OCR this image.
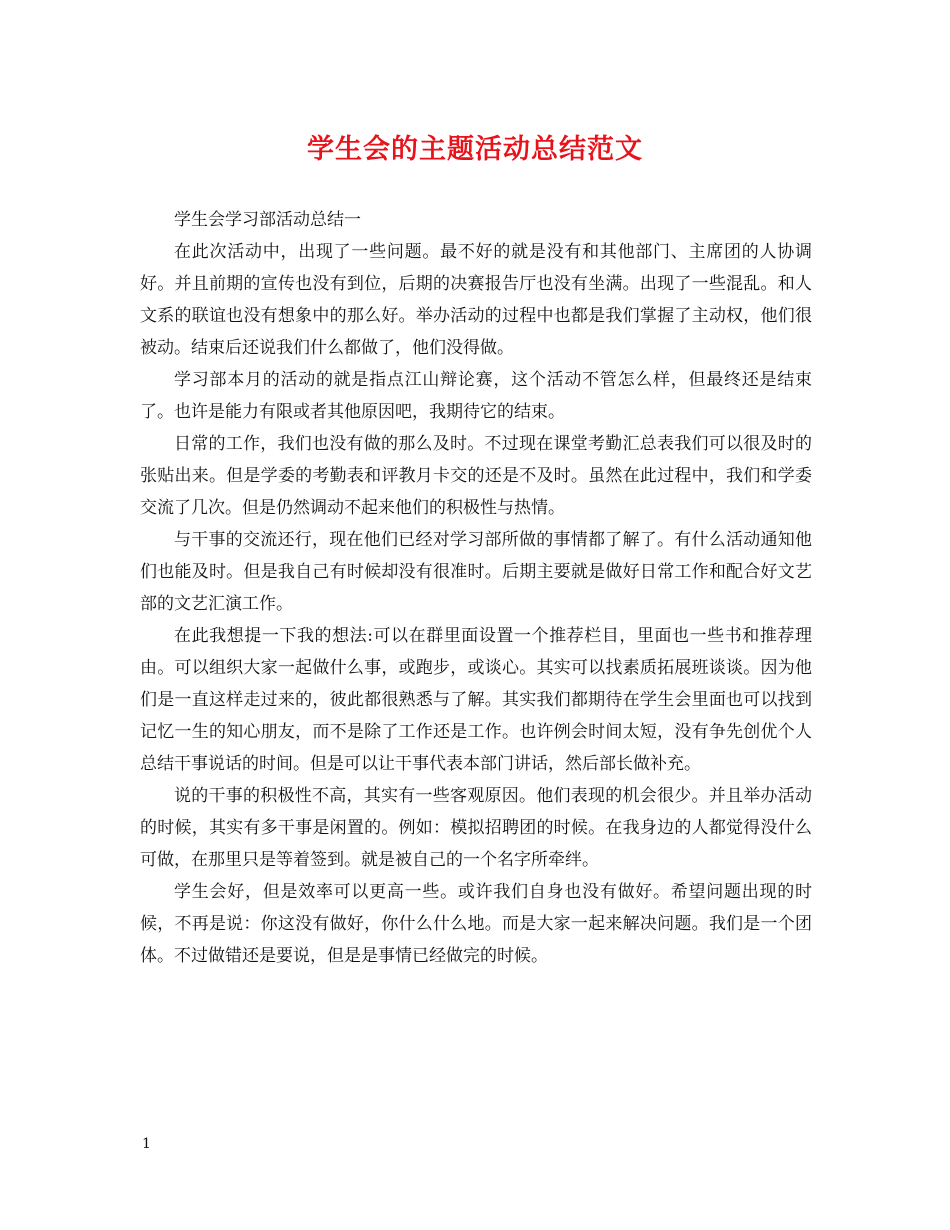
学生会的主题活动总结范文

学生会学习部活动总结一

在此次活动中，出现了一些问题。最不好的就是没有和其他部门、主席团的人协调好。并且前期的宣传也没有到位，后期的决赛报告厅也没有坐满。出现了一些混乱。和人文系的联谊也没有想象中的那么好。举办活动的过程中也都是我们掌握了主动权，他们很被动。结束后还说我们什么都做了，他们没得做。

学习部本月的活动的就是指点江山辩论赛，这个活动不管怎么样，但最终还是结束了。也许是能力有限或者其他原因吧，我期待它的结束。

日常的工作，我们也没有做的那么及时。不过现在课堂考勤汇总表我们可以很及时的张贴出来。但是学委的考勤表和评教月卡交的还是不及时。虽然在此过程中，我们和学委交流了几次。但是仍然调动不起来他们的积极性与热情。

与干事的交流还行，现在他们已经对学习部所做的事情都了解了。有什么活动通知他们也能及时。但是我自己有时候却没有很准时。后期主要就是做好日常工作和配合好文艺部的文艺汇演工作。

在此我想提一下我的想法:可以在群里面设置一个推荐栏目，里面也一些书和推荐理由。可以组织大家一起做什么事，或跑步，或谈心。其实可以找素质拓展班谈谈。因为他们是一直这样走过来的，彼此都很熟悉与了解。其实我们都期待在学生会里面也可以找到记忆一生的知心朋友，而不是除了工作还是工作。也许例会时间太短，没有争先创优个人总结干事说话的时间。但是可以让干事代表本部门讲话，然后部长做补充。

说的干事的积极性不高，其实有一些客观原因。他们表现的机会很少。并且举办活动的时候，其实有多干事是闲置的。例如：模拟招聘团的时候。在我身边的人都觉得没什么可做，在那里只是等着签到。就是被自己的一个名字所牵绊。

学生会好，但是效率可以更高一些。或许我们自身也没有做好。希望问题出现的时候，不再是说：你这没有做好，你什么什么地。而是大家一起来解决问题。我们是一个团体。不过做错还是要说，但是是事情已经做完的时候。

1
